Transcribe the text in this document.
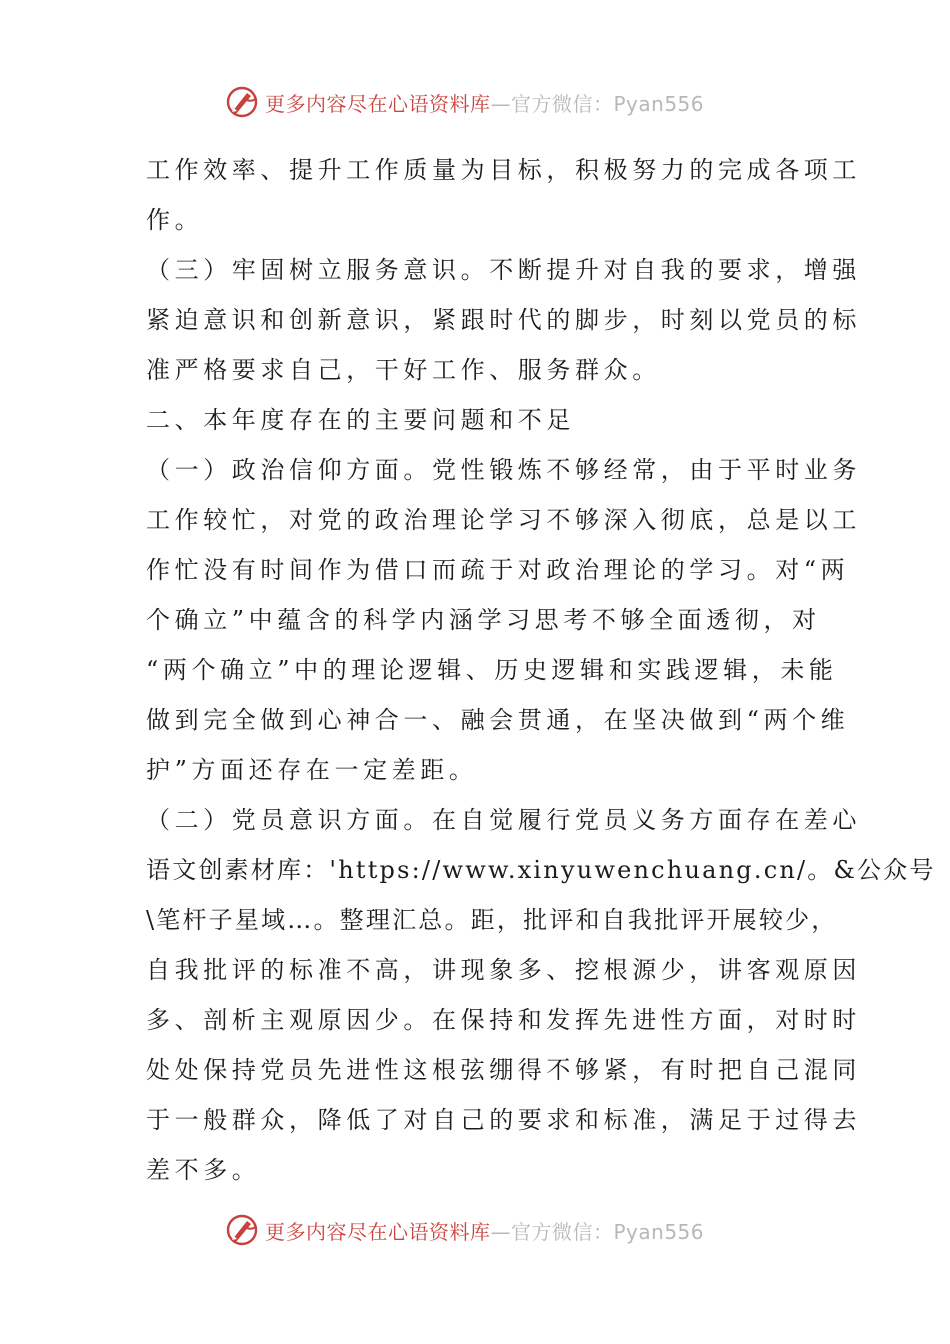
更多内容尽在心语资料库—官方微信：Pyan556
工作效率、提升工作质量为目标，积极努力的完成各项工
作。
（三）牢固树立服务意识。不断提升对自我的要求，增强
紧迫意识和创新意识，紧跟时代的脚步，时刻以党员的标
准严格要求自己，干好工作、服务群众。
二、本年度存在的主要问题和不足
（一）政治信仰方面。党性锻炼不够经常，由于平时业务
工作较忙，对党的政治理论学习不够深入彻底，总是以工
作忙没有时间作为借口而疏于对政治理论的学习。对“两
个确立”中蕴含的科学内涵学习思考不够全面透彻，对
“两个确立”中的理论逻辑、历史逻辑和实践逻辑，未能
做到完全做到心神合一、融会贯通，在坚决做到“两个维
护”方面还存在一定差距。
（二）党员意识方面。在自觉履行党员义务方面存在差心
语文创素材库：'https://www.xinyuwenchuang.cn/。&公众号
\笔杆子星域…。整理汇总。距，批评和自我批评开展较少，
自我批评的标准不高，讲现象多、挖根源少，讲客观原因
多、剖析主观原因少。在保持和发挥先进性方面，对时时
处处保持党员先进性这根弦绷得不够紧，有时把自己混同
于一般群众，降低了对自己的要求和标准，满足于过得去
差不多。
更多内容尽在心语资料库—官方微信：Pyan556
